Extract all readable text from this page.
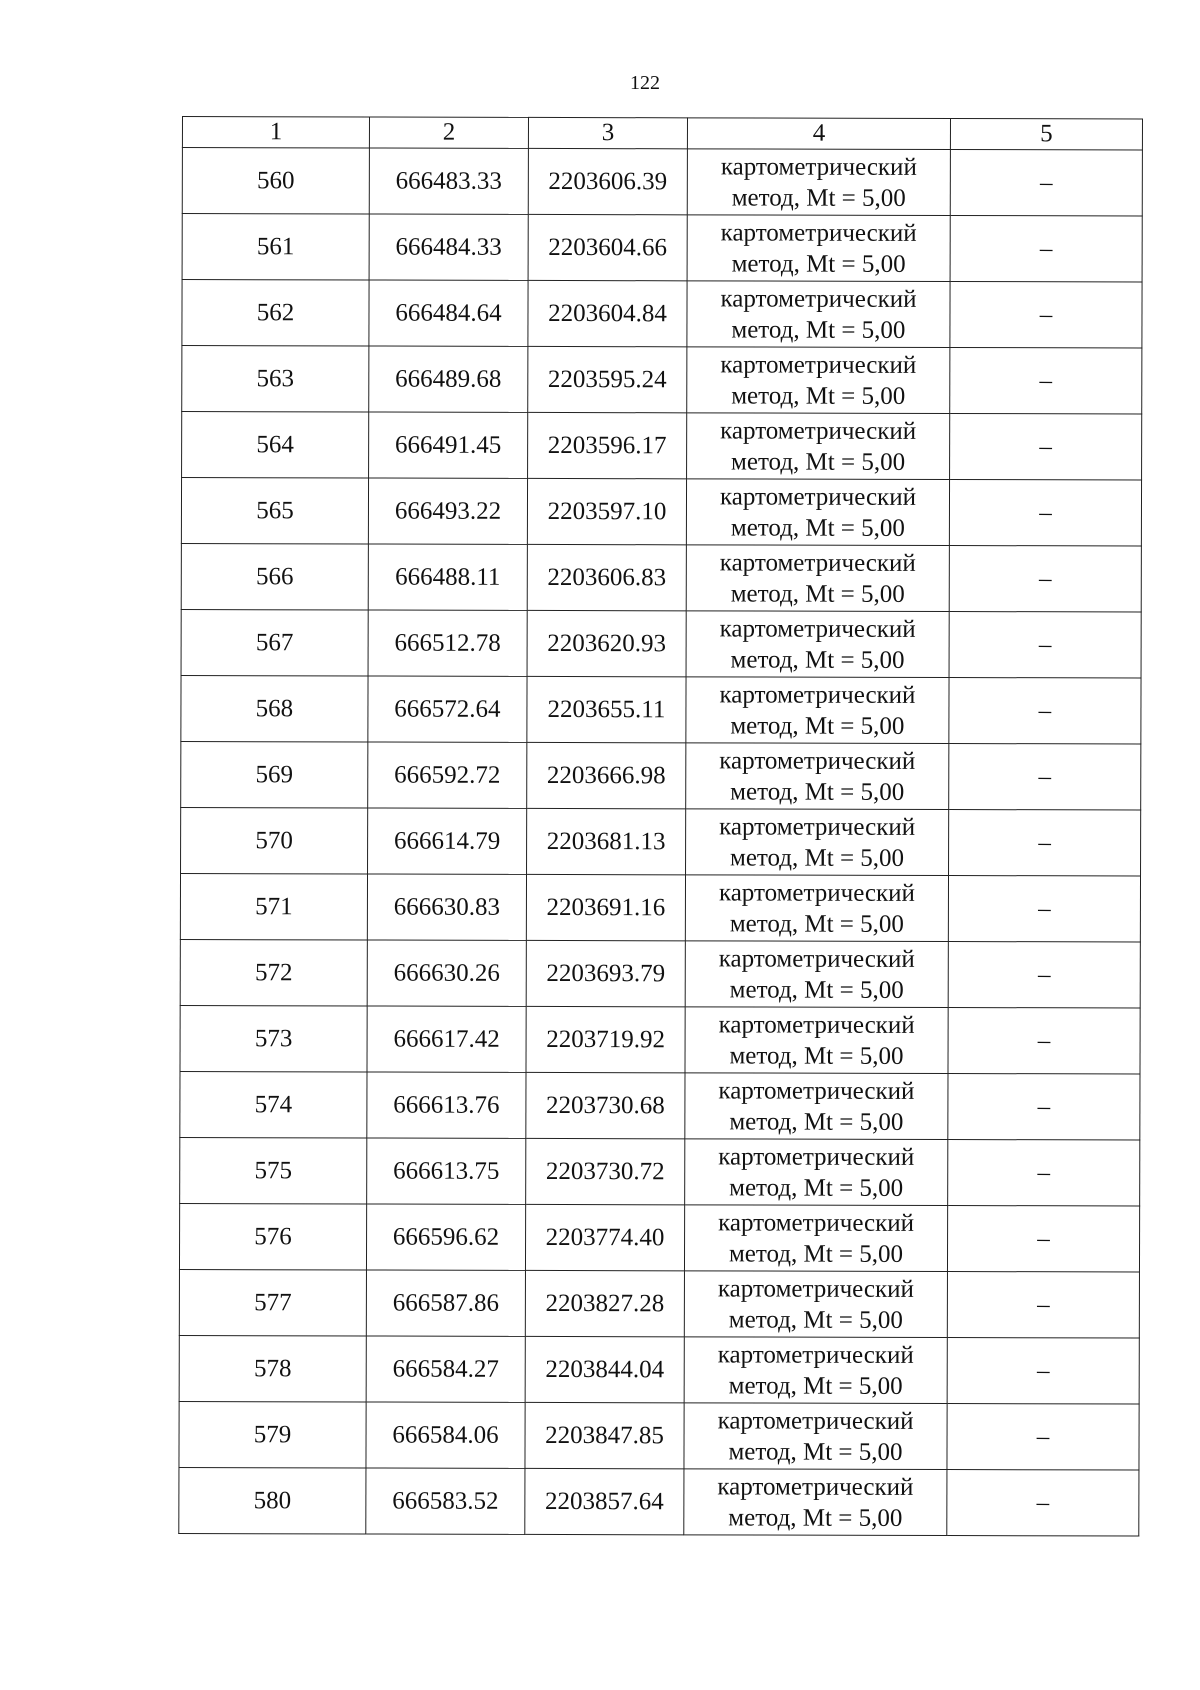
122
1	2	3	4	5
560	666483.33	2203606.39	картометрический
метод, Mt = 5,00	–
561	666484.33	2203604.66	картометрический
метод, Mt = 5,00	–
562	666484.64	2203604.84	картометрический
метод, Mt = 5,00	–
563	666489.68	2203595.24	картометрический
метод, Mt = 5,00	–
564	666491.45	2203596.17	картометрический
метод, Mt = 5,00	–
565	666493.22	2203597.10	картометрический
метод, Mt = 5,00	–
566	666488.11	2203606.83	картометрический
метод, Mt = 5,00	–
567	666512.78	2203620.93	картометрический
метод, Mt = 5,00	–
568	666572.64	2203655.11	картометрический
метод, Mt = 5,00	–
569	666592.72	2203666.98	картометрический
метод, Mt = 5,00	–
570	666614.79	2203681.13	картометрический
метод, Mt = 5,00	–
571	666630.83	2203691.16	картометрический
метод, Mt = 5,00	–
572	666630.26	2203693.79	картометрический
метод, Mt = 5,00	–
573	666617.42	2203719.92	картометрический
метод, Mt = 5,00	–
574	666613.76	2203730.68	картометрический
метод, Mt = 5,00	–
575	666613.75	2203730.72	картометрический
метод, Mt = 5,00	–
576	666596.62	2203774.40	картометрический
метод, Mt = 5,00	–
577	666587.86	2203827.28	картометрический
метод, Mt = 5,00	–
578	666584.27	2203844.04	картометрический
метод, Mt = 5,00	–
579	666584.06	2203847.85	картометрический
метод, Mt = 5,00	–
580	666583.52	2203857.64	картометрический
метод, Mt = 5,00	–
